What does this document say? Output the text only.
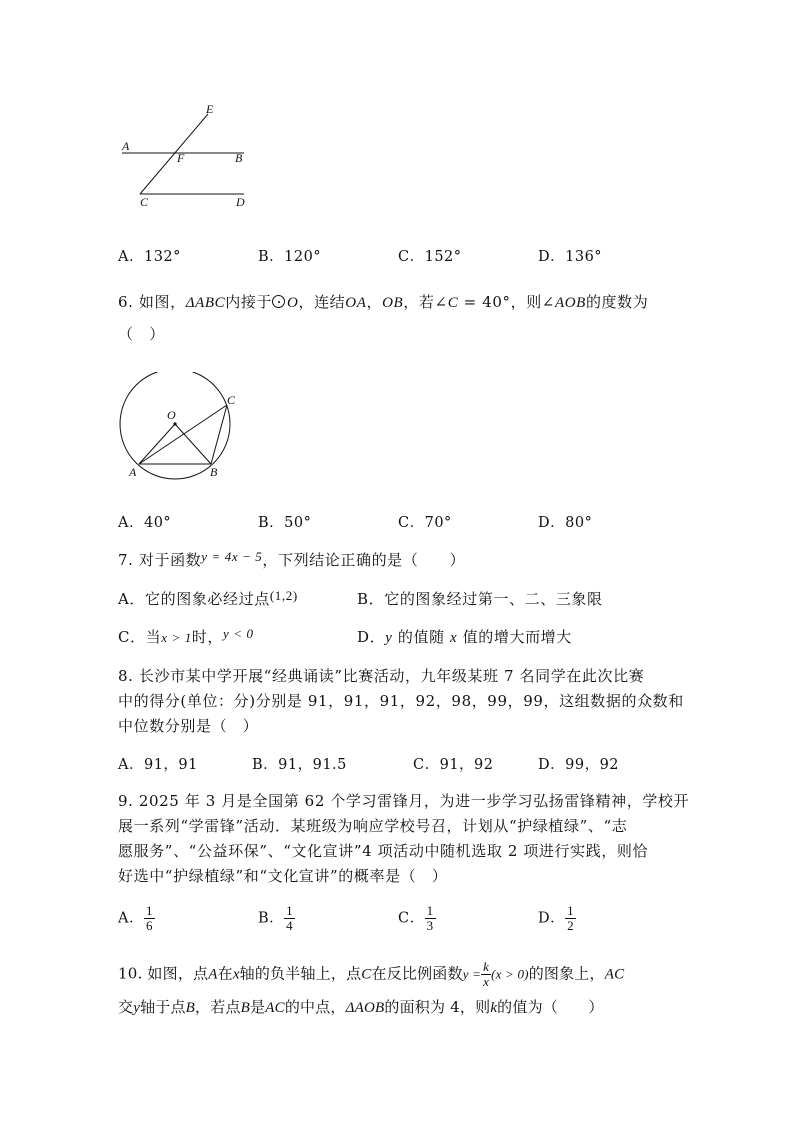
E
A
F	B
C	D
A．132°	B．120°	C．152°	D．136°
6. 如图，ΔABC内接于 O，连结OA，OB，若∠C = 40°，则∠AOB的度数为
（　）
O
A	B
C
A．40°	B．50°	C．70°	D．80°
7. 对于函数y = 4x − 5，下列结论正确的是（　　）
A．它的图象必经过点(1,2)	B．它的图象经过第一、二、三象限
C．当x > 1时，y < 0	D．y 的值随 x 值的增大而增大
8. 长沙市某中学开展“经典诵读”比赛活动，九年级某班 7 名同学在此次比赛
中的得分(单位：分)分别是 91，91，91，92，98，99，99，这组数据的众数和
中位数分别是（　）
A．91，91	B．91，91.5	C．91，92	D．99，92
9. 2025 年 3 月是全国第 62 个学习雷锋月，为进一步学习弘扬雷锋精神，学校开
展一系列“学雷锋”活动．某班级为响应学校号召，计划从“护绿植绿”、“志
愿服务”、“公益环保”、“文化宣讲”4 项活动中随机选取 2 项进行实践，则恰
好选中“护绿植绿”和“文化宣讲”的概率是（　）
A． $\frac{1}{6}$	B． $\frac{1}{4}$	C． $\frac{1}{3}$	D． $\frac{1}{2}$
10. 如图，点A在x轴的负半轴上，点C在反比例函数$y = \frac{k}{x} (x > 0)$的图象上，AC
交y轴于点B，若点B是AC的中点，ΔAOB的面积为 4，则k的值为（　　）
